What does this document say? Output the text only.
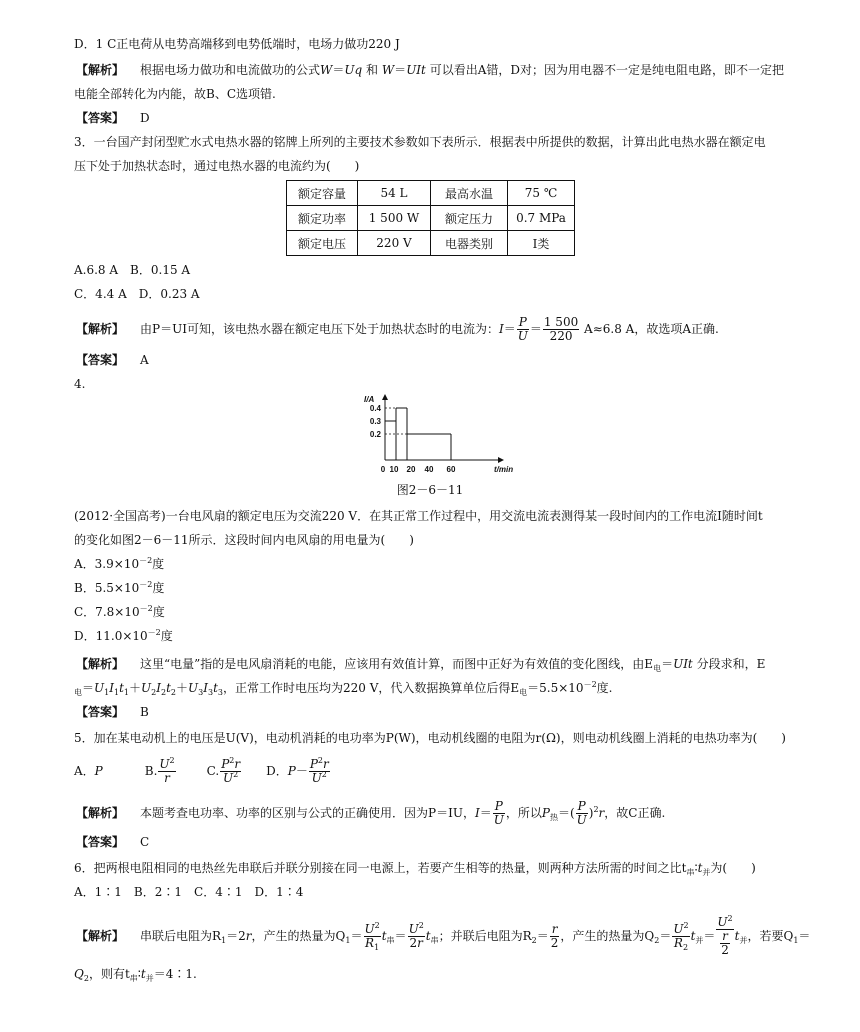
D．1 C正电荷从电势高端移到电势低端时，电场力做功220 J
【解析】 根据电场力做功和电流做功的公式W＝Uq 和 W＝UIt 可以看出A错，D对；因为用电器不一定是纯电阻电路，即不一定把
电能全部转化为内能，故B、C选项错.
【答案】 D
3．一台国产封闭型贮水式电热水器的铭牌上所列的主要技术参数如下表所示．根据表中所提供的数据，计算出此电热水器在额定电
压下处于加热状态时，通过电热水器的电流约为(　　)
额定容量	54 L	最高水温	75 ℃
额定功率	1 500 W	额定压力	0.7 MPa
额定电压	220 V	电器类别	Ⅰ类
A.6.8 A　B．0.15 A
C．4.4 A　D．0.23 A
【解析】 由P＝UI可知，该电热水器在额定电压下处于加热状态时的电流为：$I= \frac{P}{U} = \frac{1 500}{220} A\approx 6.8$ A，故选项A正确.
【答案】 A
4.
I/A
t/min
0.4
0.3
0.2
0 10 20 40 60
图2－6－11
(2012·全国高考)一台电风扇的额定电压为交流220 V．在其正常工作过程中，用交流电流表测得某一段时间内的工作电流I随时间t
的变化如图2－6－11所示．这段时间内电风扇的用电量为(　　)
A．$3.9\times 10^{-2}$度
B．$5.5\times 10^{-2}$度
C．$7.8\times 10^{-2}$度
D．$11.0\times 10^{-2}$度
【解析】 这里“电量”指的是电风扇消耗的电能，应该用有效值计算，而图中正好为有效值的变化图线，由$E_电=UIt$ 分段求和，E
$_电=U_1I_1t_1+U_2I_2t_2+U_3I_3t_3$，正常工作时电压均为220 V，代入数据换算单位后得$E_电=5.5\times 10^{-2}$度.
【答案】 B
5．加在某电动机上的电压是U(V)，电动机消耗的电功率为P(W)，电动机线圈的电阻为r(Ω)，则电动机线圈上消耗的电热功率为(　　)
A．P	B. $\frac{U^2}{r}$	C. $\frac{P^2r}{U^2}$ D．$P- \frac{P^2r}{U^2}$
【解析】 本题考查电功率、功率的区别与公式的正确使用．因为P＝IU，$I= \frac{P}{U}$ ，所以$P_热=( \frac{P}{U} )^2r$，故C正确.
【答案】 C
6．把两根电阻相同的电热丝先串联后并联分别接在同一电源上，若要产生相等的热量，则两种方法所需的时间之比$t_串∶t_并$为(　　)
A．1∶1　B．2∶1　C．4∶1　D．1∶4
【解析】 串联后电阻为$R_1=2r$，产生的热量为$Q_1= \frac{U^2}{R_1} t_串= \frac{U^2}{2r} t_串$；并联后电阻为$R_2= \frac{r}{2}$ ，产生的热量为$Q_2= \frac{U^2}{R_2} t_并= \frac{U^2}{\frac{r}{2}} t_并$，若要$Q_1=$
$Q_2$，则有$t_串∶t_并=4∶1$.
